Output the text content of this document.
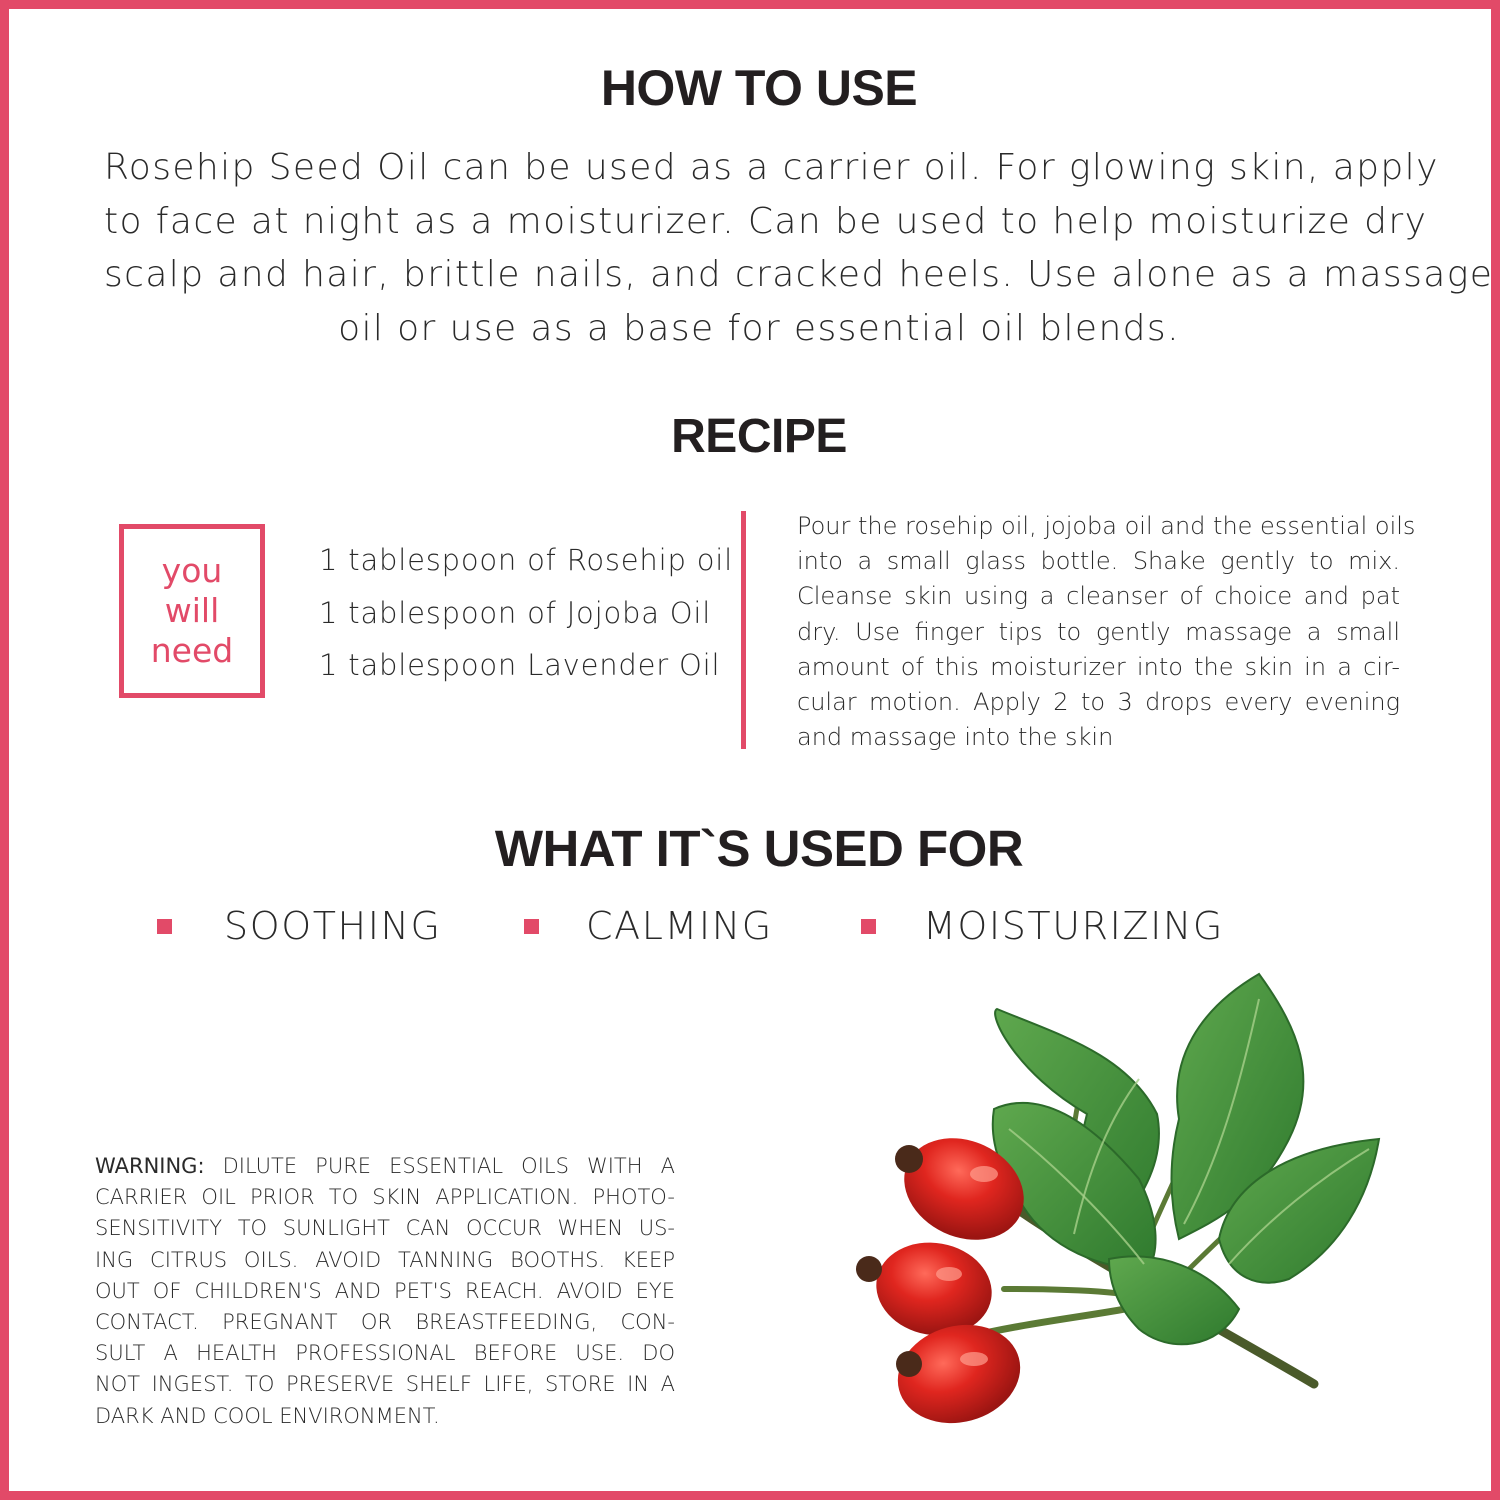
HOW TO USE

Rosehip Seed Oil can be used as a carrier oil. For glowing skin, apply
to face at night as a moisturizer. Can be used to help moisturize dry
scalp and hair, brittle nails, and cracked heels. Use alone as a massage
oil or use as a base for essential oil blends.

RECIPE
you
will
need
1 tablespoon of Rosehip oil
1 tablespoon of Jojoba Oil
1 tablespoon Lavender Oil

Pour the rosehip oil, jojoba oil and the essential oils
into a small glass bottle. Shake gently to mix.
Cleanse skin using a cleanser of choice and pat
dry. Use finger tips to gently massage a small
amount of this moisturizer into the skin in a cir-
cular motion. Apply 2 to 3 drops every evening
and massage into the skin

WHAT IT`S USED FOR
SOOTHING	CALMING	MOISTURIZING

WARNING: DILUTE PURE ESSENTIAL OILS WITH A
CARRIER OIL PRIOR TO SKIN APPLICATION. PHOTO-
SENSITIVITY TO SUNLIGHT CAN OCCUR WHEN US-
ING CITRUS OILS. AVOID TANNING BOOTHS. KEEP
OUT OF CHILDREN'S AND PET'S REACH. AVOID EYE
CONTACT. PREGNANT OR BREASTFEEDING, CON-
SULT A HEALTH PROFESSIONAL BEFORE USE. DO
NOT INGEST. TO PRESERVE SHELF LIFE, STORE IN A
DARK AND COOL ENVIRONMENT.
